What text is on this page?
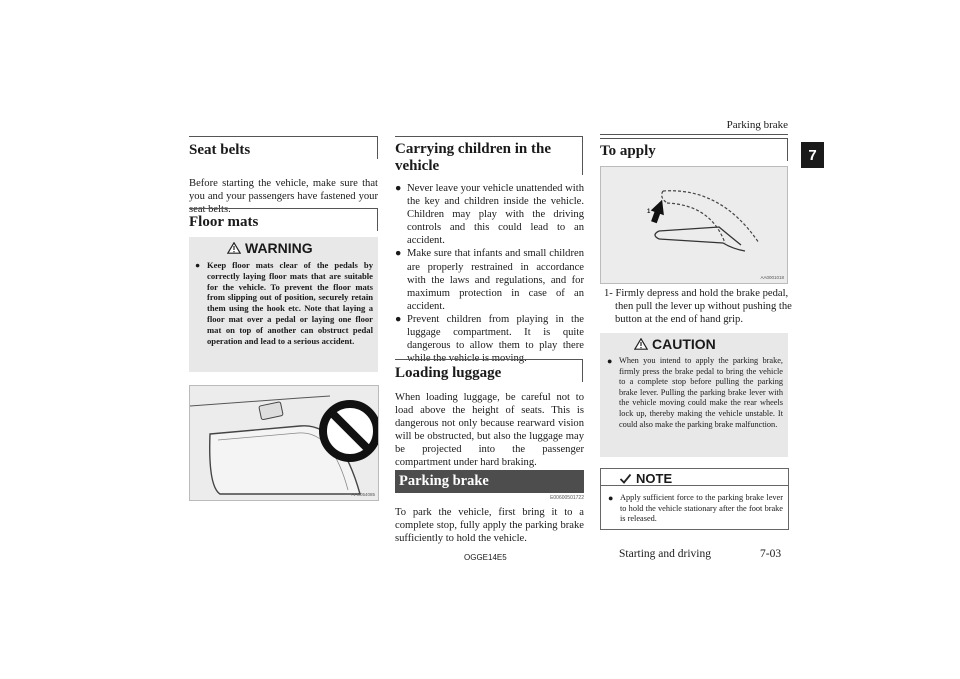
Parking brake
7
Seat belts
Before starting the vehicle, make sure that you and your passengers have fastened your seat belts.
Floor mats
WARNING
● Keep floor mats clear of the pedals by correctly laying floor mats that are suitable for the vehicle. To prevent the floor mats from slipping out of position, securely retain them using the hook etc. Note that laying a floor mat over a pedal or laying one floor mat on top of another can obstruct pedal operation and lead to a serious accident.
AA0054085
Carrying children in the vehicle
● Never leave your vehicle unattended with the key and children inside the vehicle. Children may play with the driving controls and this could lead to an accident.
● Make sure that infants and small children are properly restrained in accordance with the laws and regulations, and for maximum protection in case of an accident.
● Prevent children from playing in the luggage compartment. It is quite dangerous to allow them to play there while the vehicle is moving.
Loading luggage
When loading luggage, be careful not to load above the height of seats. This is dangerous not only because rearward vision will be obstructed, but also the luggage may be projected into the passenger compartment under hard braking.
Parking brake
E00600501722
To park the vehicle, first bring it to a complete stop, fully apply the parking brake sufficiently to hold the vehicle.
To apply
1
AA0001018
1- Firmly depress and hold the brake pedal, then pull the lever up without pushing the button at the end of hand grip.
CAUTION
● When you intend to apply the parking brake, firmly press the brake pedal to bring the vehicle to a complete stop before pulling the parking brake lever. Pulling the parking brake lever with the vehicle moving could make the rear wheels lock up, thereby making the vehicle unstable. It could also make the parking brake malfunction.
NOTE
● Apply sufficient force to the parking brake lever to hold the vehicle stationary after the foot brake is released.
OGGE14E5	Starting and driving	7-03
